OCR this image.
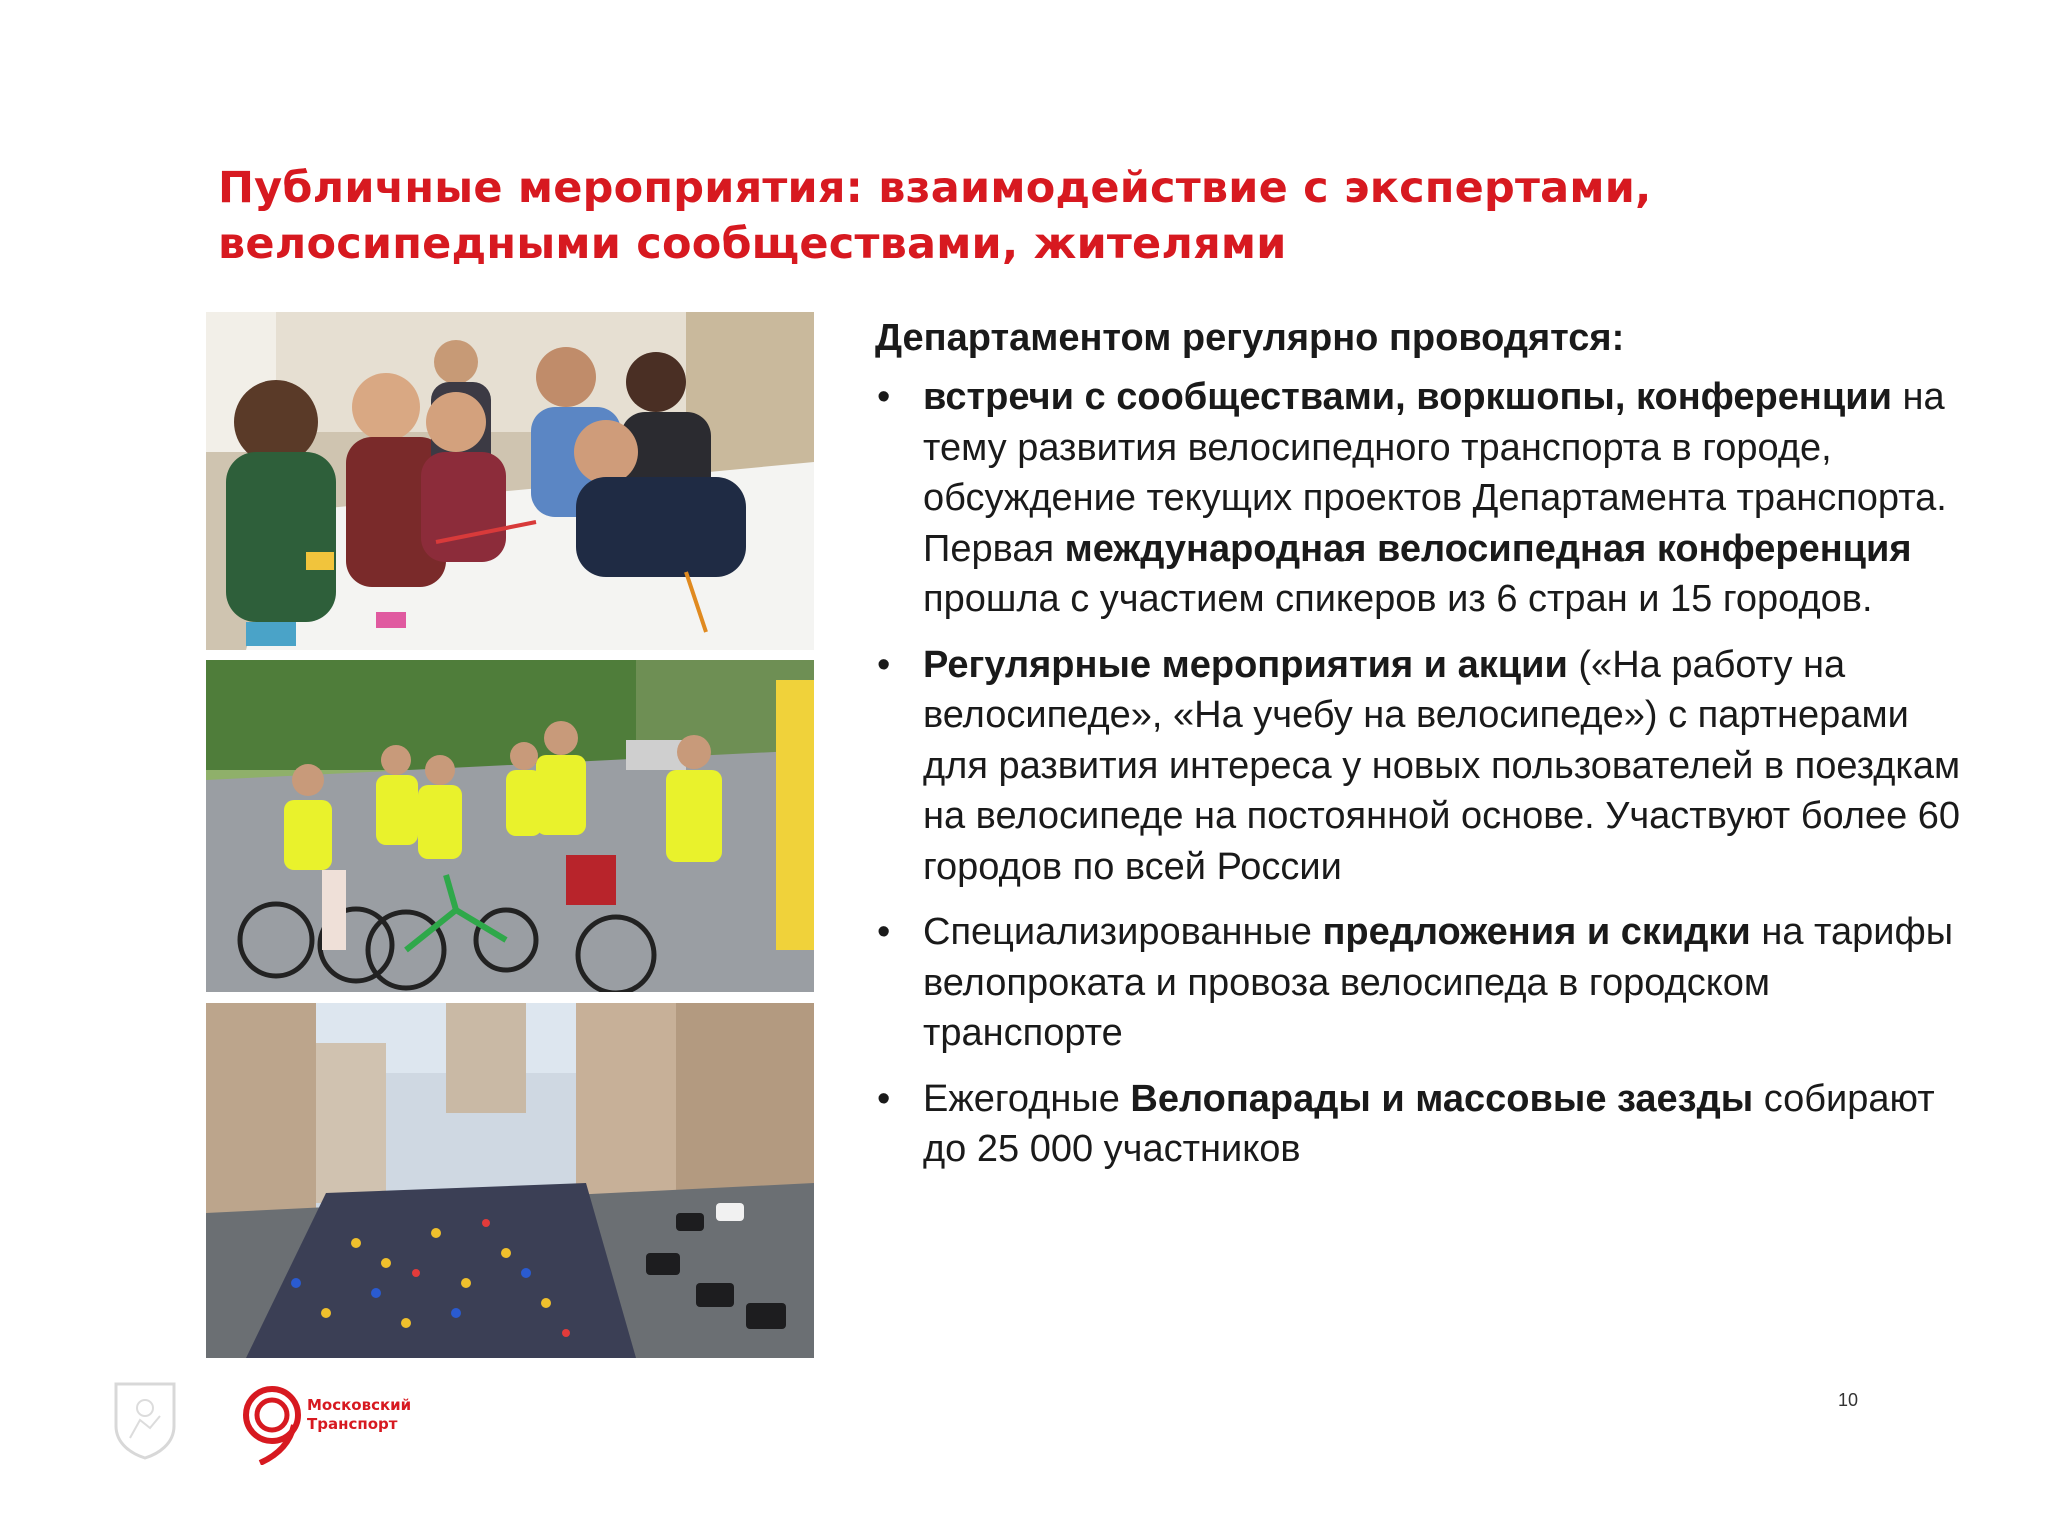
Публичные мероприятия: взаимодействие с экспертами, велосипедными сообществами, жителями

Департаментом регулярно проводятся:

• встречи с сообществами, воркшопы, конференции на тему развития велосипедного транспорта в городе, обсуждение текущих проектов Департамента транспорта.
Первая международная велосипедная конференция прошла с участием спикеров из 6 стран и 15 городов.
• Регулярные мероприятия и акции («На работу на велосипеде», «На учебу на велосипеде») с партнерами для развития интереса у новых пользователей в поездкам на велосипеде на постоянной основе. Участвуют более 60 городов по всей России
• Специализированные предложения и скидки на тарифы велопроката и провоза велосипеда в городском транспорте
• Ежегодные Велопарады и массовые заезды собирают до 25 000 участников
Московский
Транспорт
10
